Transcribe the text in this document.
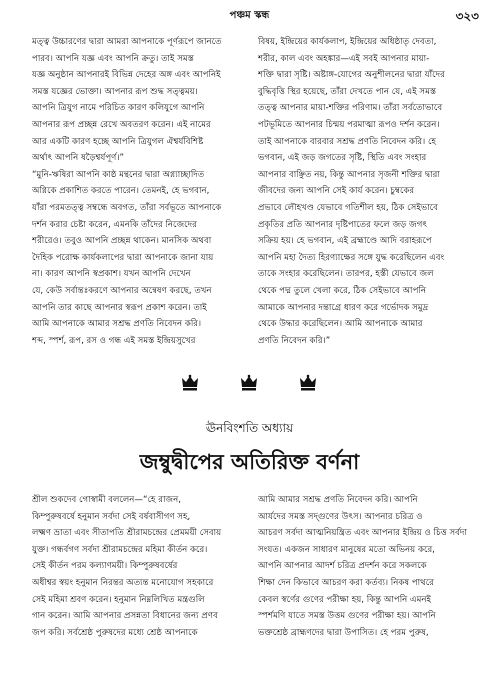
পঞ্চম স্কন্ধ	৩২৩
মত্ত্ব উচ্চারণের দ্বারা আমরা আপনাকে পূর্ণরূপে জানতে
পারব। আপনি যজ্ঞ এবং আপনি ক্রতু। তাই সমস্ত
যজ্ঞ অনুষ্ঠান আপনারই বিভিন্ন দেহের অঙ্গ এবং আপনিই
সমস্ত যজ্ঞের ভোক্তা। আপনার রূপ শুদ্ধ সত্ত্বময়।
আপনি ত্রিযুগ নামে পরিচিত কারণ কলিযুগে আপনি
আপনার রূপ প্রচ্ছন্ন রেখে অবতরণ করেন। এই নামের
আর একটি কারণ হচ্ছে আপনি ত্রিযুগল ঐশ্বর্যবিশিষ্ট
অর্থাৎ আপনি ষড়ৈশ্বর্যপূর্ণ।”
“মুনি-ঋষিরা আপনি কাষ্ঠ মন্থনের দ্বারা অগ্ন্যাচ্ছাদিত
অগ্নিকে প্রকাশিত করতে পারেন। তেমনই, হে ভগবান,
যাঁরা পরমতত্ত্ব সম্বন্ধে অবগত, তাঁরা সর্বভূতে আপনাকে
দর্শন করার চেষ্টা করেন, এমনকি তাঁদের নিজেদের
শরীরেও। তবুও আপনি প্রচ্ছন্ন থাকেন। মানসিক অথবা
দৈহিক পরোক্ষ কার্যকলাপের দ্বারা আপনাকে জানা যায়
না। কারণ আপনি স্বপ্রকাশ। যখন আপনি দেখেন
যে, কেউ সর্বান্তঃকরণে আপনার অন্বেষণ করছে, তখন
আপনি তার কাছে আপনার স্বরূপ প্রকাশ করেন। তাই
আমি আপনাকে আমার সশ্রদ্ধ প্রণতি নিবেদন করি।
শব্দ, স্পর্শ, রূপ, রস ও গন্ধ এই সমস্ত ইন্দ্রিয়সুখের
বিষয়, ইন্দ্রিয়ের কার্যকলাপ, ইন্দ্রিয়ের অধিষ্ঠাতৃ দেবতা,
শরীর, কাল এবং অহঙ্কার—এই সবই আপনার মায়া-
শক্তি দ্বারা সৃষ্টি। অষ্টাঙ্গ-যোগের অনুশীলনের দ্বারা যাঁদের
বুদ্ধিবৃত্তি স্থির হয়েছে, তাঁরা দেখতে পান যে, এই সমস্ত
তত্ত্ব আপনার মায়া-শক্তির পরিণাম। তাঁরা সর্বতোভাবে
পটভূমিতে আপনার চিন্ময় পরমাত্মা রূপও দর্শন করেন।
তাই আপনাকে বারবার সশ্রদ্ধ প্রণতি নিবেদন করি। হে
ভগবান, এই জড় জগতের সৃষ্টি, স্থিতি এবং সংহার
আপনার বাঞ্ছিত নয়, কিন্তু আপনার সৃজনী শক্তির দ্বারা
জীবদের জন্য আপনি সেই কার্য করেন। চুম্বকের
প্রভাবে লৌহখণ্ড যেভাবে গতিশীল হয়, ঠিক সেইভাবে
প্রকৃতির প্রতি আপনার দৃষ্টিপাতের ফলে জড় জগৎ
সক্রিয় হয়। হে ভগবান, এই ব্রহ্মাণ্ডে আদি বরাহরূপে
আপনি মহা দৈত্য হিরণ্যাক্ষের সঙ্গে যুদ্ধ করেছিলেন এবং
তাকে সংহার করেছিলেন। তারপর, হস্তী যেভাবে জল
থেকে পদ্ম তুলে খেলা করে, ঠিক সেইভাবে আপনি
আমাকে আপনার দন্তাগ্রে ধারণ করে গর্ভোদক সমুদ্র
থেকে উদ্ধার করেছিলেন। আমি আপনাকে আমার
প্রণতি নিবেদন করি।”
ঊনবিংশতি অধ্যায়
জম্বুদ্বীপের অতিরিক্ত বর্ণনা
শ্রীল শুকদেব গোস্বামী বললেন—“হে রাজন,
কিম্পুরুষবর্ষে হনুমান সর্বদা সেই বর্ষবাসীগণ সহ,
লক্ষ্মণ ভ্রাতা এবং সীতাপতি শ্রীরামচন্দ্রের প্রেমময়ী সেবায়
যুক্ত। গন্ধর্বগণ সর্বদা শ্রীরামচন্দ্রের মহিমা কীর্তন করে।
সেই কীর্তন পরম কল্যাণময়ী। কিম্পুরুষবর্ষের
অধীশ্বর স্বয়ং হনুমান নিরন্তর অত্যন্ত মনোযোগ সহকারে
সেই মহিমা শ্রবণ করেন। হনুমান নিম্নলিখিত মন্ত্রগুলি
গান করেন। আমি আপনার প্রসন্নতা বিধানের জন্য প্রণব
জপ করি। সর্বশ্রেষ্ঠ পুরুষদের মধ্যে শ্রেষ্ঠ আপনাকে
আমি আমার সশ্রদ্ধ প্রণতি নিবেদন করি। আপনি
আর্যদের সমস্ত সদ্গুণের উৎস। আপনার চরিত্র ও
আচরণ সর্বদা আত্মনিয়ন্ত্রিত এবং আপনার ইন্দ্রিয় ও চিত্ত সর্বদা
সংযত। একজন সাধারণ মানুষের মতো অভিনয় করে,
আপনি আপনার আদর্শ চরিত্র প্রদর্শন করে সকলকে
শিক্ষা দেন কিভাবে আচরণ করা কর্তব্য। নিকষ পাথরে
কেবল স্বর্ণের গুণের পরীক্ষা হয়, কিন্তু আপনি এমনই
স্পর্শমণি যাতে সমস্ত উত্তম গুণের পরীক্ষা হয়। আপনি
ভক্তশ্রেষ্ঠ ব্রাহ্মণদের দ্বারা উপাসিত। হে পরম পুরুষ,
